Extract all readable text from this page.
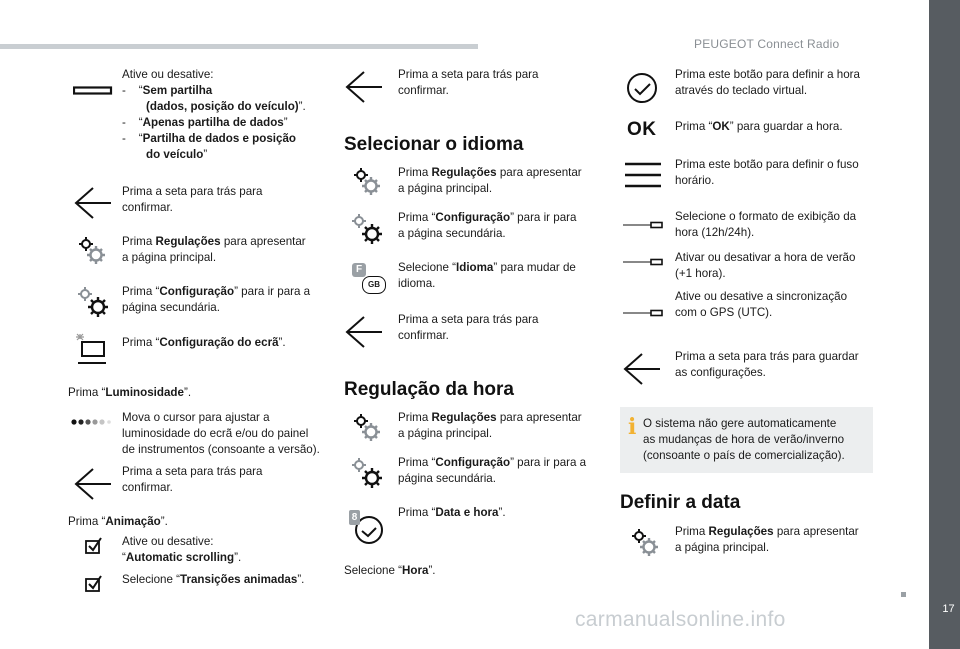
PEUGEOT Connect Radio
17
carmanualsonline.info
Ative ou desative:
- “Sem partilha
(dados, posição do veículo)”.
- “Apenas partilha de dados”
- “Partilha de dados e posição
do veículo”
Prima a seta para trás para
confirmar.
Prima Regulações para apresentar
a página principal.
Prima “Configuração” para ir para a
página secundária.
Prima “Configuração do ecrã”.
Prima “Luminosidade”.
Mova o cursor para ajustar a
luminosidade do ecrã e/ou do painel
de instrumentos (consoante a versão).
Prima a seta para trás para
confirmar.
Prima “Animação”.
Ative ou desative:
“Automatic scrolling”.
Selecione “Transições animadas”.
Prima a seta para trás para
confirmar.
Selecionar o idioma
Prima Regulações para apresentar
a página principal.
Prima “Configuração” para ir para
a página secundária.
F
GB
Selecione “Idioma” para mudar de
idioma.
Prima a seta para trás para
confirmar.
Regulação da hora
Prima Regulações para apresentar
a página principal.
Prima “Configuração” para ir para a
página secundária.
8	Prima “Data e hora”.
Selecione “Hora”.
Prima este botão para definir a hora
através do teclado virtual.
OK Prima “OK” para guardar a hora.
Prima este botão para definir o fuso
horário.
Selecione o formato de exibição da
hora (12h/24h).
Ativar ou desativar a hora de verão
(+1 hora).
Ative ou desative a sincronização
com o GPS (UTC).
Prima a seta para trás para guardar
as configurações.
i O sistema não gere automaticamente
as mudanças de hora de verão/inverno
(consoante o país de comercialização).
Definir a data
Prima Regulações para apresentar
a página principal.
